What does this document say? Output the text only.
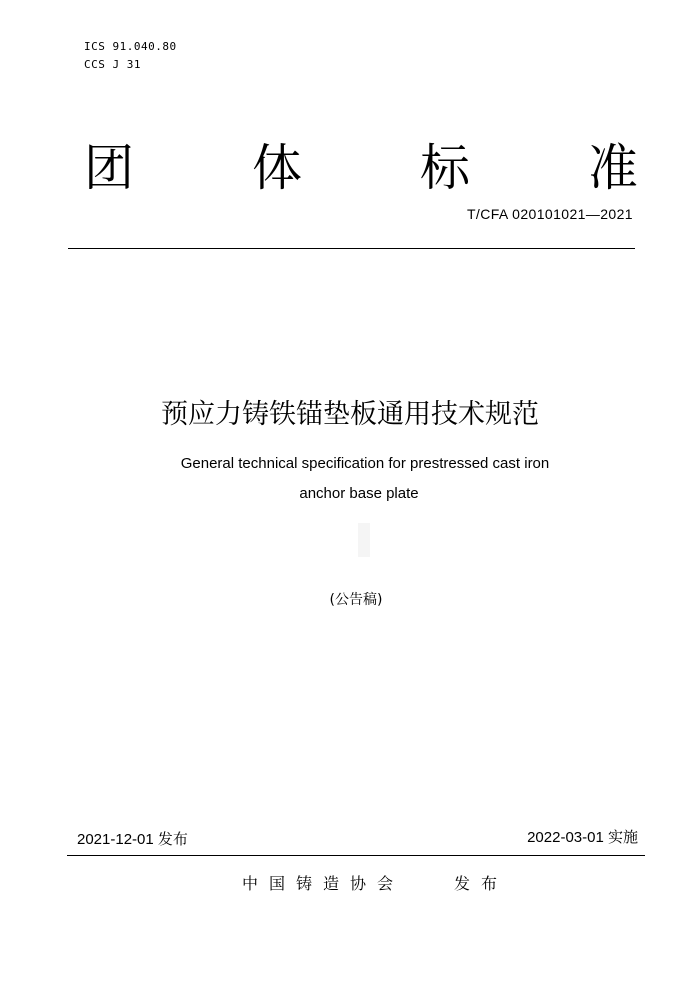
ICS 91.040.80
CCS J 31
团 体 标 准
T/CFA 020101021—2021
预应力铸铁锚垫板通用技术规范
General technical specification for prestressed cast iron
anchor base plate
(公告稿)
2021-12-01 发布	2022-03-01 实施
中国铸造协会	发布
